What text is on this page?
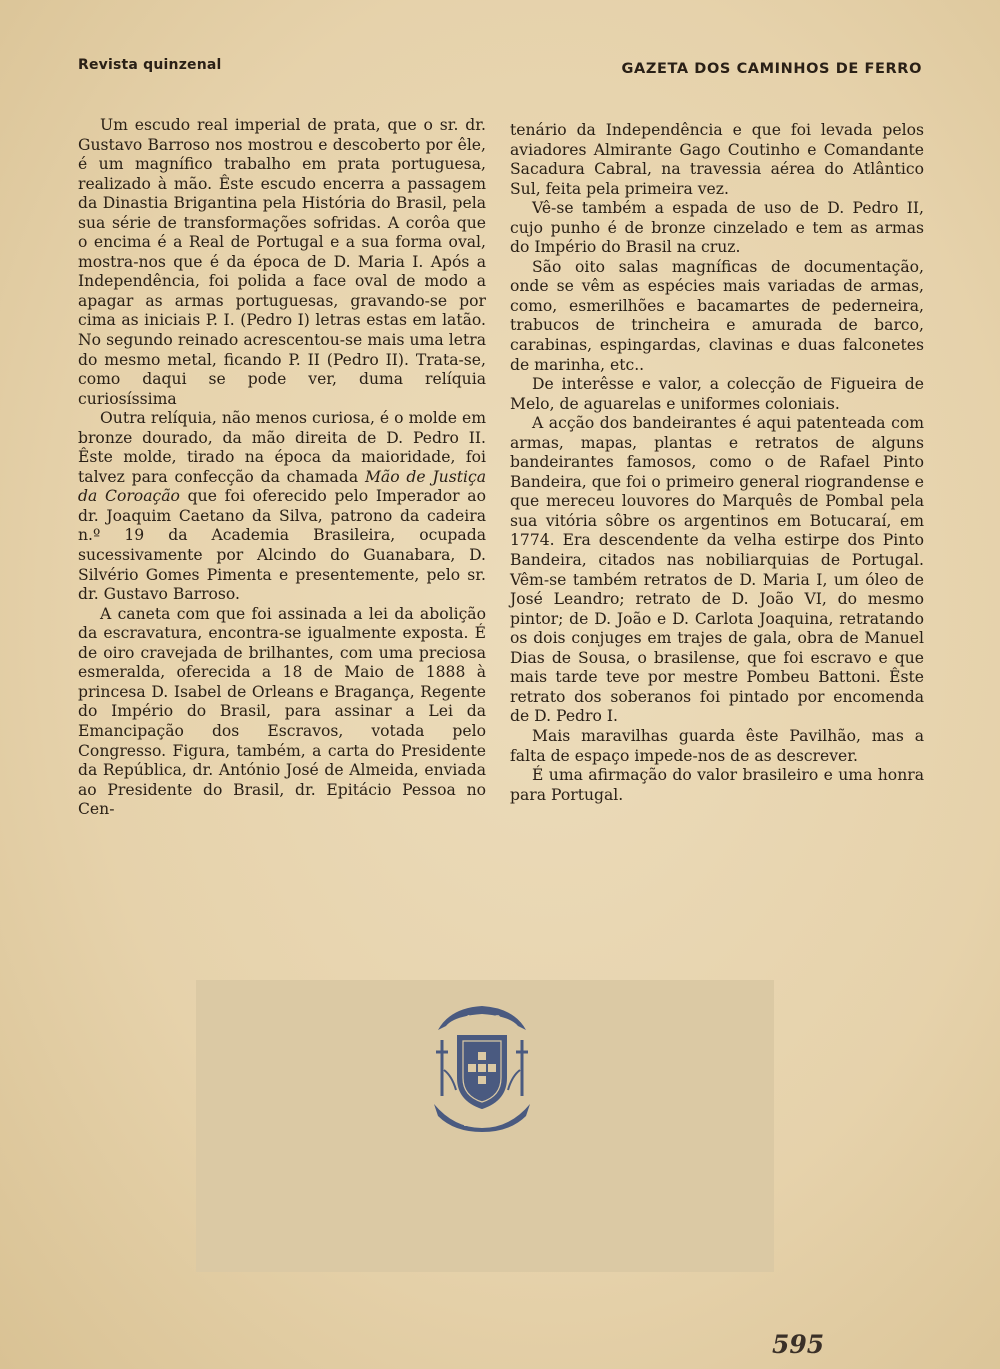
Revista quinzenal	GAZETA DOS CAMINHOS DE FERRO

Um escudo real imperial de prata, que o sr. dr. Gustavo Barroso nos mostrou e descoberto por êle, é um magnífico trabalho em prata portuguesa, realizado à mão. Êste escudo encerra a passagem da Dinastia Brigantina pela História do Brasil, pela sua série de transformações sofridas. A corôa que o encima é a Real de Portugal e a sua forma oval, mostra-nos que é da época de D. Maria I. Após a Independência, foi polida a face oval de modo a apagar as armas portuguesas, gravando-se por cima as iniciais P. I. (Pedro I) letras estas em latão. No segundo reinado acrescentou-se mais uma letra do mesmo metal, ficando P. II (Pedro II). Trata-se, como daqui se pode ver, duma relíquia curiosíssima

Outra relíquia, não menos curiosa, é o molde em bronze dourado, da mão direita de D. Pedro II. Êste molde, tirado na época da maioridade, foi talvez para confecção da chamada Mão de Justiça da Coroação que foi oferecido pelo Imperador ao dr. Joaquim Caetano da Silva, patrono da cadeira n.º 19 da Academia Brasileira, ocupada sucessivamente por Alcindo do Guanabara, D. Silvério Gomes Pimenta e presentemente, pelo sr. dr. Gustavo Barroso.

A caneta com que foi assinada a lei da abolição da escravatura, encontra-se igualmente exposta. É de oiro cravejada de brilhantes, com uma preciosa esmeralda, oferecida a 18 de Maio de 1888 à princesa D. Isabel de Orleans e Bragança, Regente do Império do Brasil, para assinar a Lei da Emancipação dos Escravos, votada pelo Congresso. Figura, também, a carta do Presidente da República, dr. António José de Almeida, enviada ao Presidente do Brasil, dr. Epitácio Pessoa no Cen-

tenário da Independência e que foi levada pelos aviadores Almirante Gago Coutinho e Comandante Sacadura Cabral, na travessia aérea do Atlântico Sul, feita pela primeira vez.

Vê-se também a espada de uso de D. Pedro II, cujo punho é de bronze cinzelado e tem as armas do Império do Brasil na cruz.

São oito salas magníficas de documentação, onde se vêm as espécies mais variadas de armas, como, esmerilhões e bacamartes de pederneira, trabucos de trincheira e amurada de barco, carabinas, espingardas, clavinas e duas falconetes de marinha, etc..

De interêsse e valor, a colecção de Figueira de Melo, de aguarelas e uniformes coloniais.

A acção dos bandeirantes é aqui patenteada com armas, mapas, plantas e retratos de alguns bandeirantes famosos, como o de Rafael Pinto Bandeira, que foi o primeiro general riograndense e que mereceu louvores do Marquês de Pombal pela sua vitória sôbre os argentinos em Botucaraí, em 1774. Era descendente da velha estirpe dos Pinto Bandeira, citados nas nobiliarquias de Portugal. Vêm-se também retratos de D. Maria I, um óleo de José Leandro; retrato de D. João VI, do mesmo pintor; de D. João e D. Carlota Joaquina, retratando os dois conjuges em trajes de gala, obra de Manuel Dias de Sousa, o brasilense, que foi escravo e que mais tarde teve por mestre Pombeu Battoni. Êste retrato dos soberanos foi pintado por encomenda de D. Pedro I.

Mais maravilhas guarda êste Pavilhão, mas a falta de espaço impede-nos de as descrever.

É uma afirmação do valor brasileiro e uma honra para Portugal.

1140
1940
595
